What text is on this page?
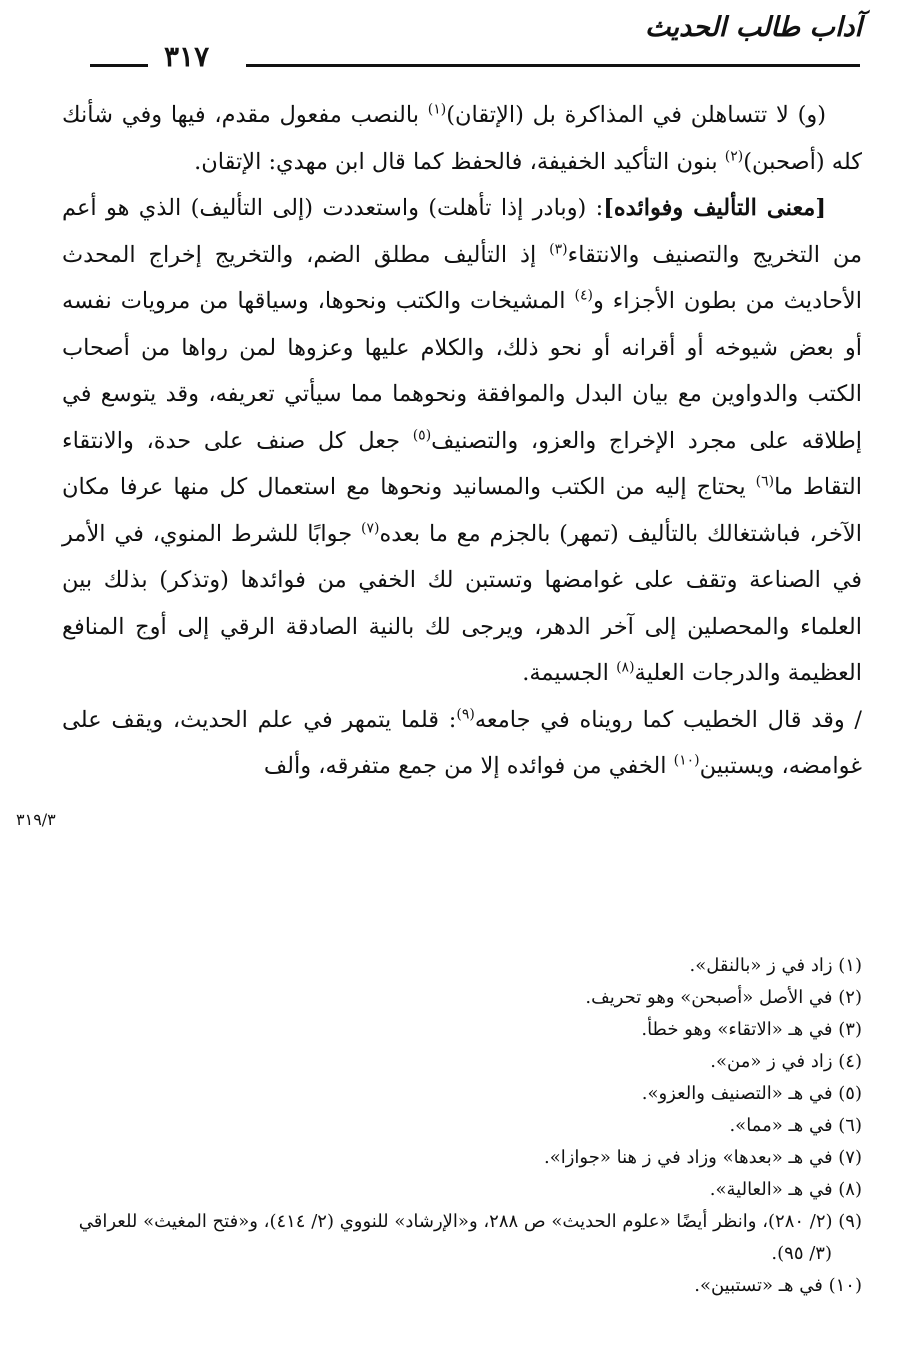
آداب طالب الحديث
٣١٧
٣١٩/٣

(و) لا تتساهلن في المذاكرة بل (الإتقان)$^{(١)}$ بالنصب مفعول مقدم، فيها وفي شأنك كله (أصحبن)$^{(٢)}$ بنون التأكيد الخفيفة، فالحفظ كما قال ابن مهدي: الإتقان.

[معنى التأليف وفوائده]: (وبادر إذا تأهلت) واستعددت (إلى التأليف) الذي هو أعم من التخريج والتصنيف والانتقاء$^{(٣)}$ إذ التأليف مطلق الضم، والتخريج إخراج المحدث الأحاديث من بطون الأجزاء و$^{(٤)}$ المشيخات والكتب ونحوها، وسياقها من مرويات نفسه أو بعض شيوخه أو أقرانه أو نحو ذلك، والكلام عليها وعزوها لمن رواها من أصحاب الكتب والدواوين مع بيان البدل والموافقة ونحوهما مما سيأتي تعريفه، وقد يتوسع في إطلاقه على مجرد الإخراج والعزو، والتصنيف$^{(٥)}$ جعل كل صنف على حدة، والانتقاء التقاط ما$^{(٦)}$ يحتاج إليه من الكتب والمسانيد ونحوها مع استعمال كل منها عرفا مكان الآخر، فباشتغالك بالتأليف (تمهر) بالجزم مع ما بعده$^{(٧)}$ جوابًا للشرط المنوي، في الأمر في الصناعة وتقف على غوامضها وتستبن لك الخفي من فوائدها (وتذكر) بذلك بين العلماء والمحصلين إلى آخر الدهر، ويرجى لك بالنية الصادقة الرقي إلى أوج المنافع العظيمة والدرجات العلية$^{(٨)}$ الجسيمة.

/ وقد قال الخطيب كما رويناه في جامعه$^{(٩)}$: قلما يتمهر في علم الحديث، ويقف على غوامضه، ويستبين$^{(١٠)}$ الخفي من فوائده إلا من جمع متفرقه، وألف

(١) زاد في ز «بالنقل».

(٢) في الأصل «أصبحن» وهو تحريف.

(٣) في هـ «الاتقاء» وهو خطأ.

(٤) زاد في ز «من».

(٥) في هـ «التصنيف والعزو».

(٦) في هـ «مما».

(٧) في هـ «بعدها» وزاد في ز هنا «جوازا».

(٨) في هـ «العالية».

(٩) (٢/ ٢٨٠)، وانظر أيضًا «علوم الحديث» ص ٢٨٨، و«الإرشاد» للنووي (٢/ ٤١٤)، و«فتح المغيث» للعراقي (٣/ ٩٥).

(١٠) في هـ «تستبين».
